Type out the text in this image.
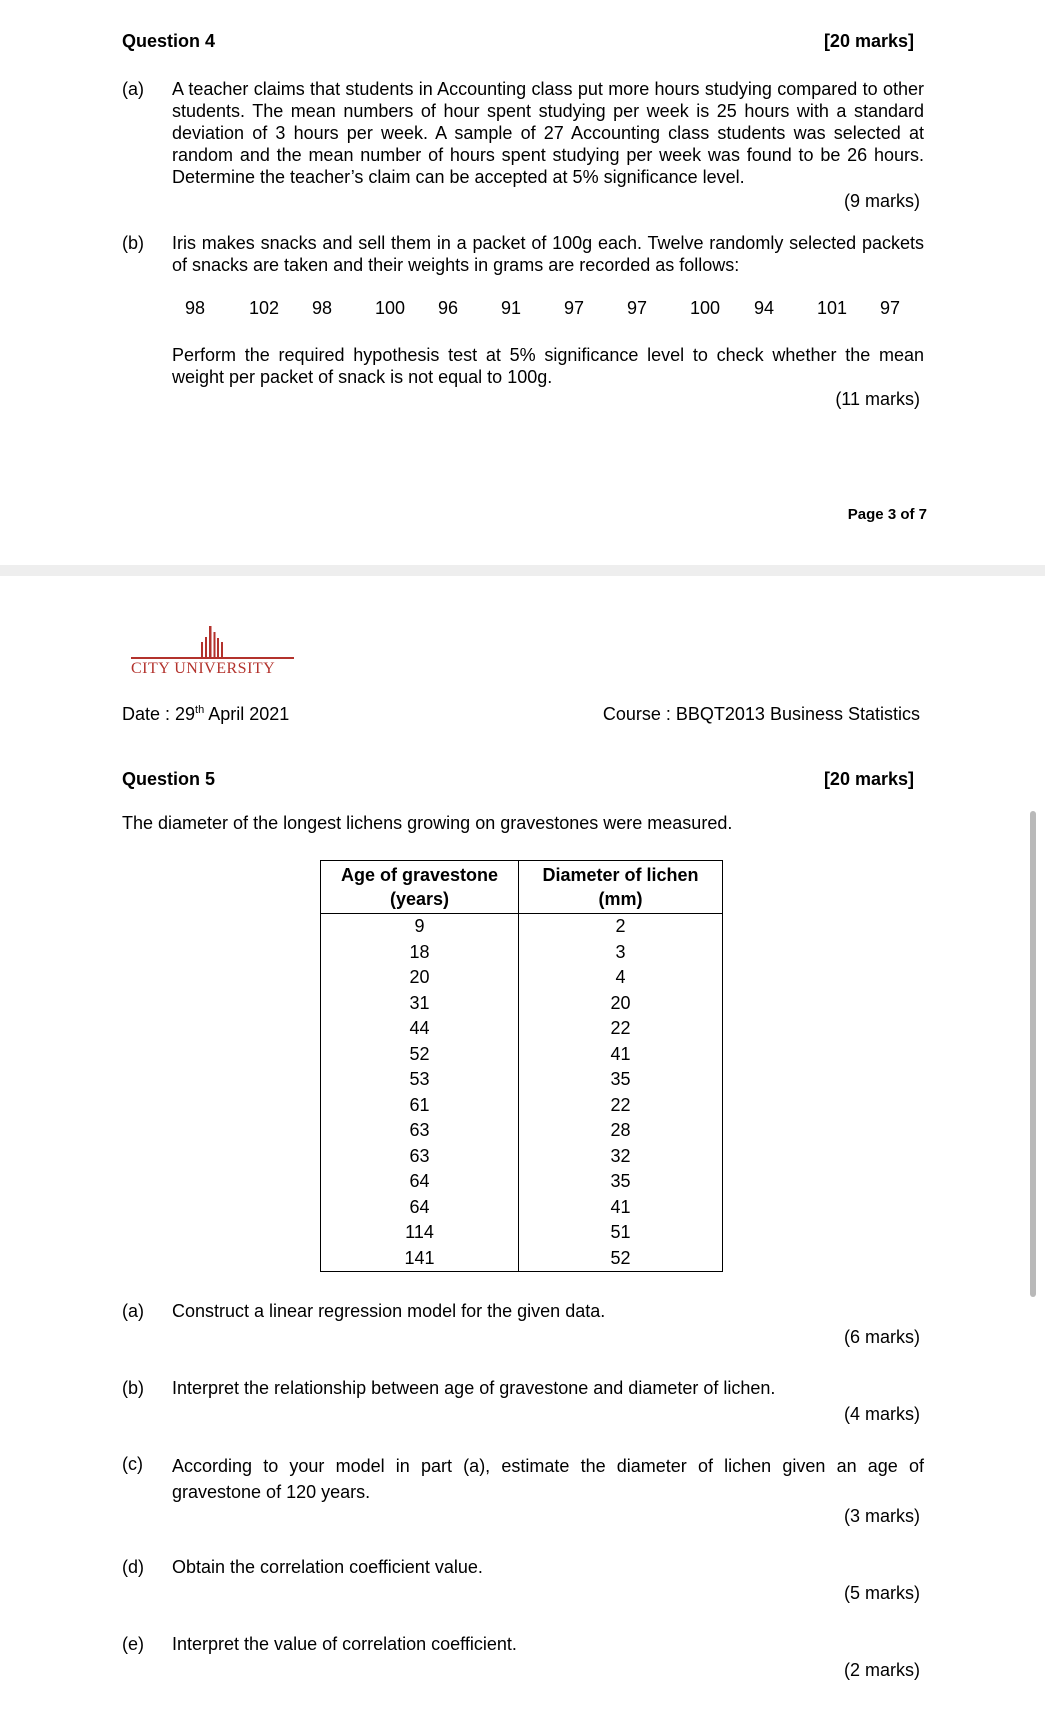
Question 4	[20 marks]
(a) A teacher claims that students in Accounting class put more hours studying compared to other students. The mean numbers of hour spent studying per week is 25 hours with a standard deviation of 3 hours per week. A sample of 27 Accounting class students was selected at random and the mean number of hours spent studying per week was found to be 26 hours. Determine the teacher’s claim can be accepted at 5% significance level.
(9 marks)
(b) Iris makes snacks and sell them in a packet of 100g each. Twelve randomly selected packets of snacks are taken and their weights in grams are recorded as follows:
98 102 98 100 96 91 97 97 100 94 101 97
Perform the required hypothesis test at 5% significance level to check whether the mean weight per packet of snack is not equal to 100g.
(11 marks)
Page 3 of 7
CITY UNIVERSITY
Date : 29th April 2021	Course : BBQT2013 Business Statistics
Question 5	[20 marks]
The diameter of the longest lichens growing on gravestones were measured.
Age of gravestone (years)	Diameter of lichen (mm)
9	2
18	3
20	4
31	20
44	22
52	41
53	35
61	22
63	28
63	32
64	35
64	41
114	51
141	52
(a) Construct a linear regression model for the given data.
(6 marks)
(b) Interpret the relationship between age of gravestone and diameter of lichen.
(4 marks)
(c) According to your model in part (a), estimate the diameter of lichen given an age of gravestone of 120 years.
(3 marks)
(d) Obtain the correlation coefficient value.
(5 marks)
(e) Interpret the value of correlation coefficient.
(2 marks)
